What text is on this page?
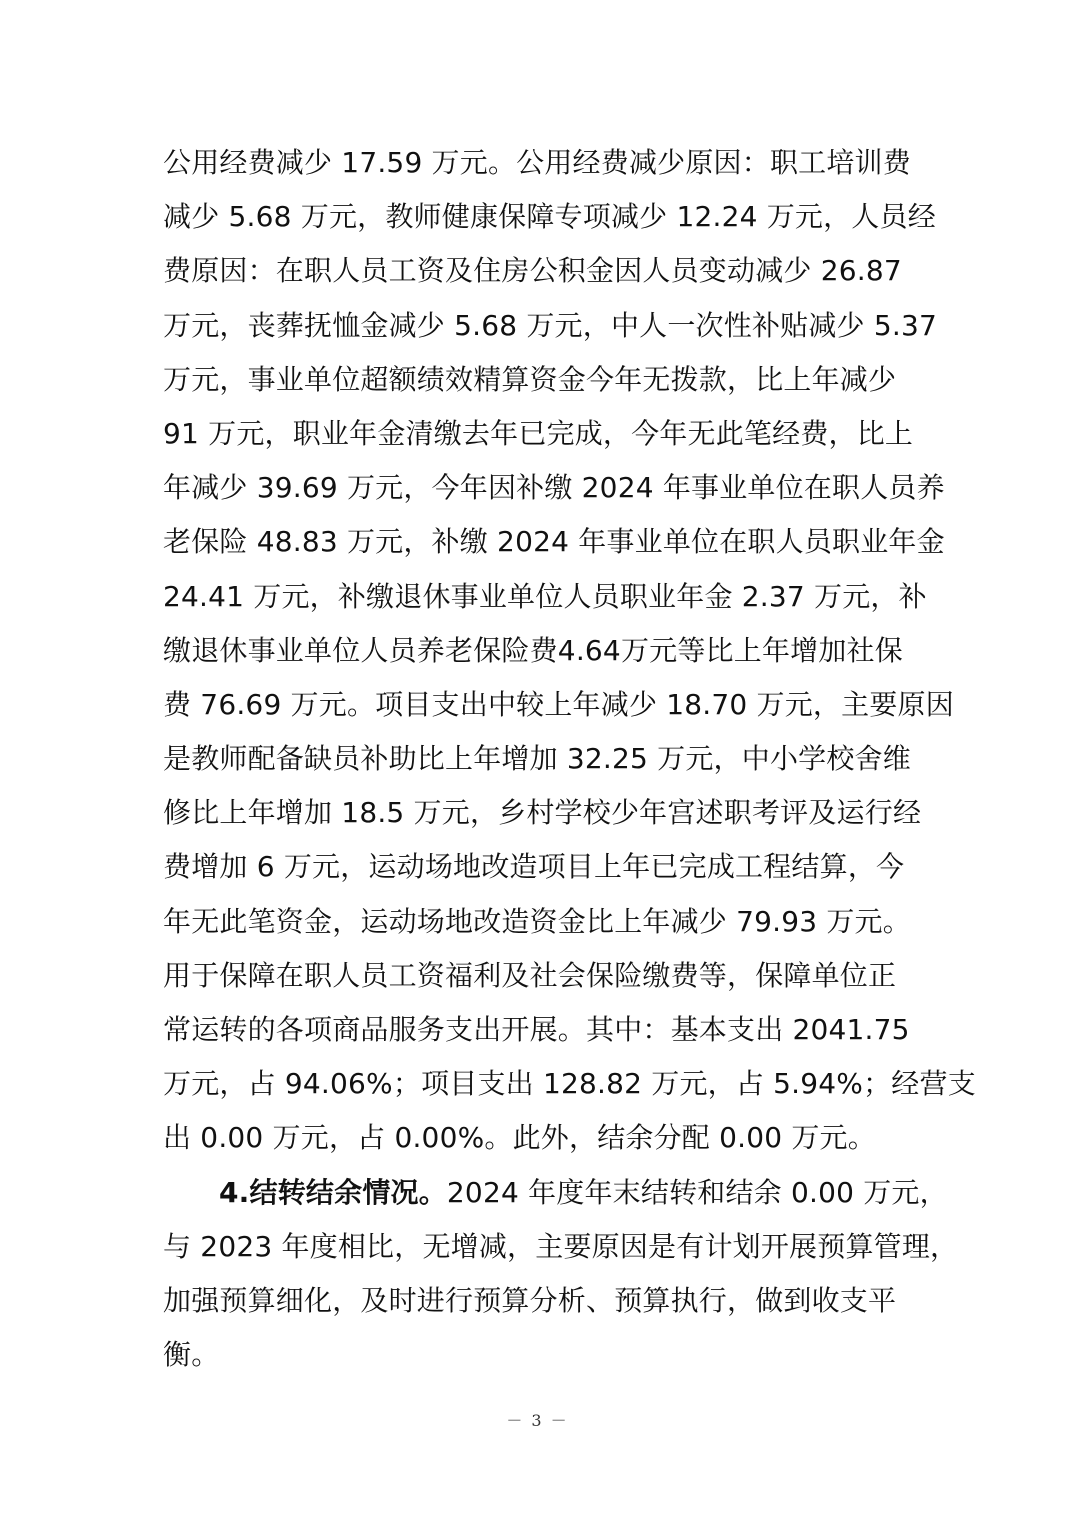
公用经费减少 17.59 万元。公用经费减少原因：职工培训费
减少 5.68 万元，教师健康保障专项减少 12.24 万元，人员经
费原因：在职人员工资及住房公积金因人员变动减少 26.87
万元，丧葬抚恤金减少 5.68 万元，中人一次性补贴减少 5.37
万元，事业单位超额绩效精算资金今年无拨款，比上年减少
91 万元，职业年金清缴去年已完成，今年无此笔经费，比上
年减少 39.69 万元，今年因补缴 2024 年事业单位在职人员养
老保险 48.83 万元，补缴 2024 年事业单位在职人员职业年金
24.41 万元，补缴退休事业单位人员职业年金 2.37 万元，补
缴退休事业单位人员养老保险费4.64万元等比上年增加社保
费 76.69 万元。项目支出中较上年减少 18.70 万元，主要原因
是教师配备缺员补助比上年增加 32.25 万元，中小学校舍维
修比上年增加 18.5 万元，乡村学校少年宫述职考评及运行经
费增加 6 万元，运动场地改造项目上年已完成工程结算，今
年无此笔资金，运动场地改造资金比上年减少 79.93 万元。
用于保障在职人员工资福利及社会保险缴费等，保障单位正
常运转的各项商品服务支出开展。其中：基本支出 2041.75
万元，占 94.06%；项目支出 128.82 万元，占 5.94%；经营支
出 0.00 万元，占 0.00%。此外，结余分配 0.00 万元。
4.结转结余情况。2024 年度年末结转和结余 0.00 万元，
与 2023 年度相比，无增减，主要原因是有计划开展预算管理，
加强预算细化，及时进行预算分析、预算执行，做到收支平
衡。
－ 3 －
